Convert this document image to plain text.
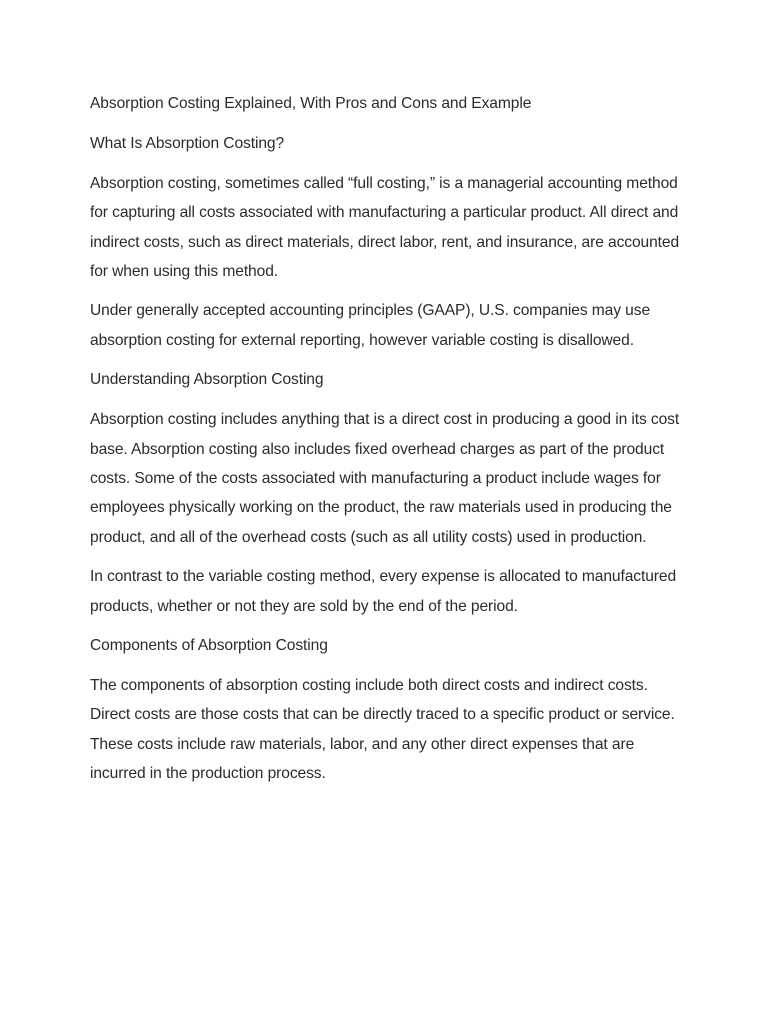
Absorption Costing Explained, With Pros and Cons and Example

What Is Absorption Costing?

Absorption costing, sometimes called “full costing,” is a managerial accounting method for capturing all costs associated with manufacturing a particular product. All direct and indirect costs, such as direct materials, direct labor, rent, and insurance, are accounted for when using this method.

Under generally accepted accounting principles (GAAP), U.S. companies may use absorption costing for external reporting, however variable costing is disallowed.

Understanding Absorption Costing

Absorption costing includes anything that is a direct cost in producing a good in its cost base. Absorption costing also includes fixed overhead charges as part of the product costs. Some of the costs associated with manufacturing a product include wages for employees physically working on the product, the raw materials used in producing the product, and all of the overhead costs (such as all utility costs) used in production.

In contrast to the variable costing method, every expense is allocated to manufactured products, whether or not they are sold by the end of the period.

Components of Absorption Costing

The components of absorption costing include both direct costs and indirect costs. Direct costs are those costs that can be directly traced to a specific product or service. These costs include raw materials, labor, and any other direct expenses that are incurred in the production process.
